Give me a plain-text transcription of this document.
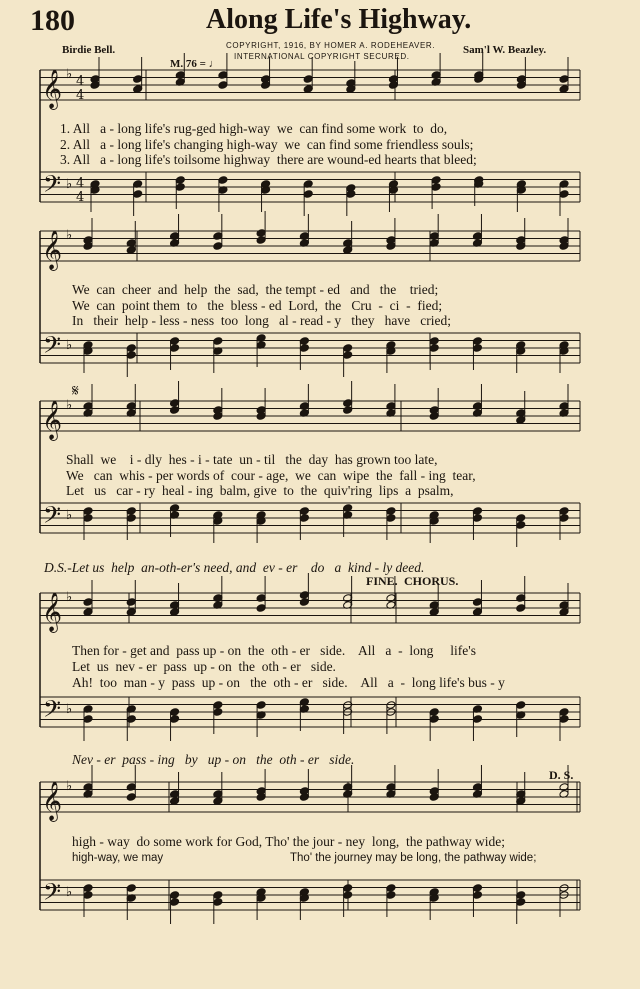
180	Along Life's Highway.
COPYRIGHT, 1916, BY HOMER A. RODEHEAVER.
INTERNATIONAL COPYRIGHT SECURED.
Birdie Bell.	Sam'l W. Beazley.
M. 76 = ♩
𝄞
𝄢
♭
♭
4
4
4
4
𝄞
𝄢
♭
♭
𝄞
𝄢
♭
♭
𝄞
𝄢
♭
♭
𝄞
𝄢
♭
♭
𝄋
1. All   a - long life's rug-ged high-way  we  can find some work  to  do,
2. All   a - long life's changing high-way  we  can find some friendless souls;
3. All   a - long life's toilsome highway  there are wound-ed hearts that bleed;
We  can  cheer  and  help  the  sad,  the tempt - ed   and   the    tried;
We  can  point them  to   the  bless - ed  Lord,  the   Cru  -  ci  -  fied;
In   their  help - less - ness  too  long   al - read - y   they   have   cried;
Shall  we    i - dly  hes - i - tate  un - til   the  day  has grown too late,
We   can  whis - per words of  cour - age,  we  can  wipe  the  fall - ing  tear,
Let   us   car - ry  heal - ing  balm, give  to  the  quiv'ring  lips  a  psalm,
D.S.-Let us  help  an-oth-er's need, and  ev - er    do   a  kind - ly deed.
FINE. CHORUS.
Then for - get and  pass up - on  the  oth - er   side.    All   a  -  long     life's
Let  us  nev - er  pass  up - on  the  oth - er   side.
Ah!  too  man - y  pass  up - on   the  oth - er   side.    All   a  -  long life's bus - y
Nev - er  pass - ing   by   up - on   the  oth - er   side.
D. S.
high - way  do some work for God, Tho' the jour - ney  long,  the pathway wide;
high-way, we may	Tho' the journey may be long, the pathway wide;
